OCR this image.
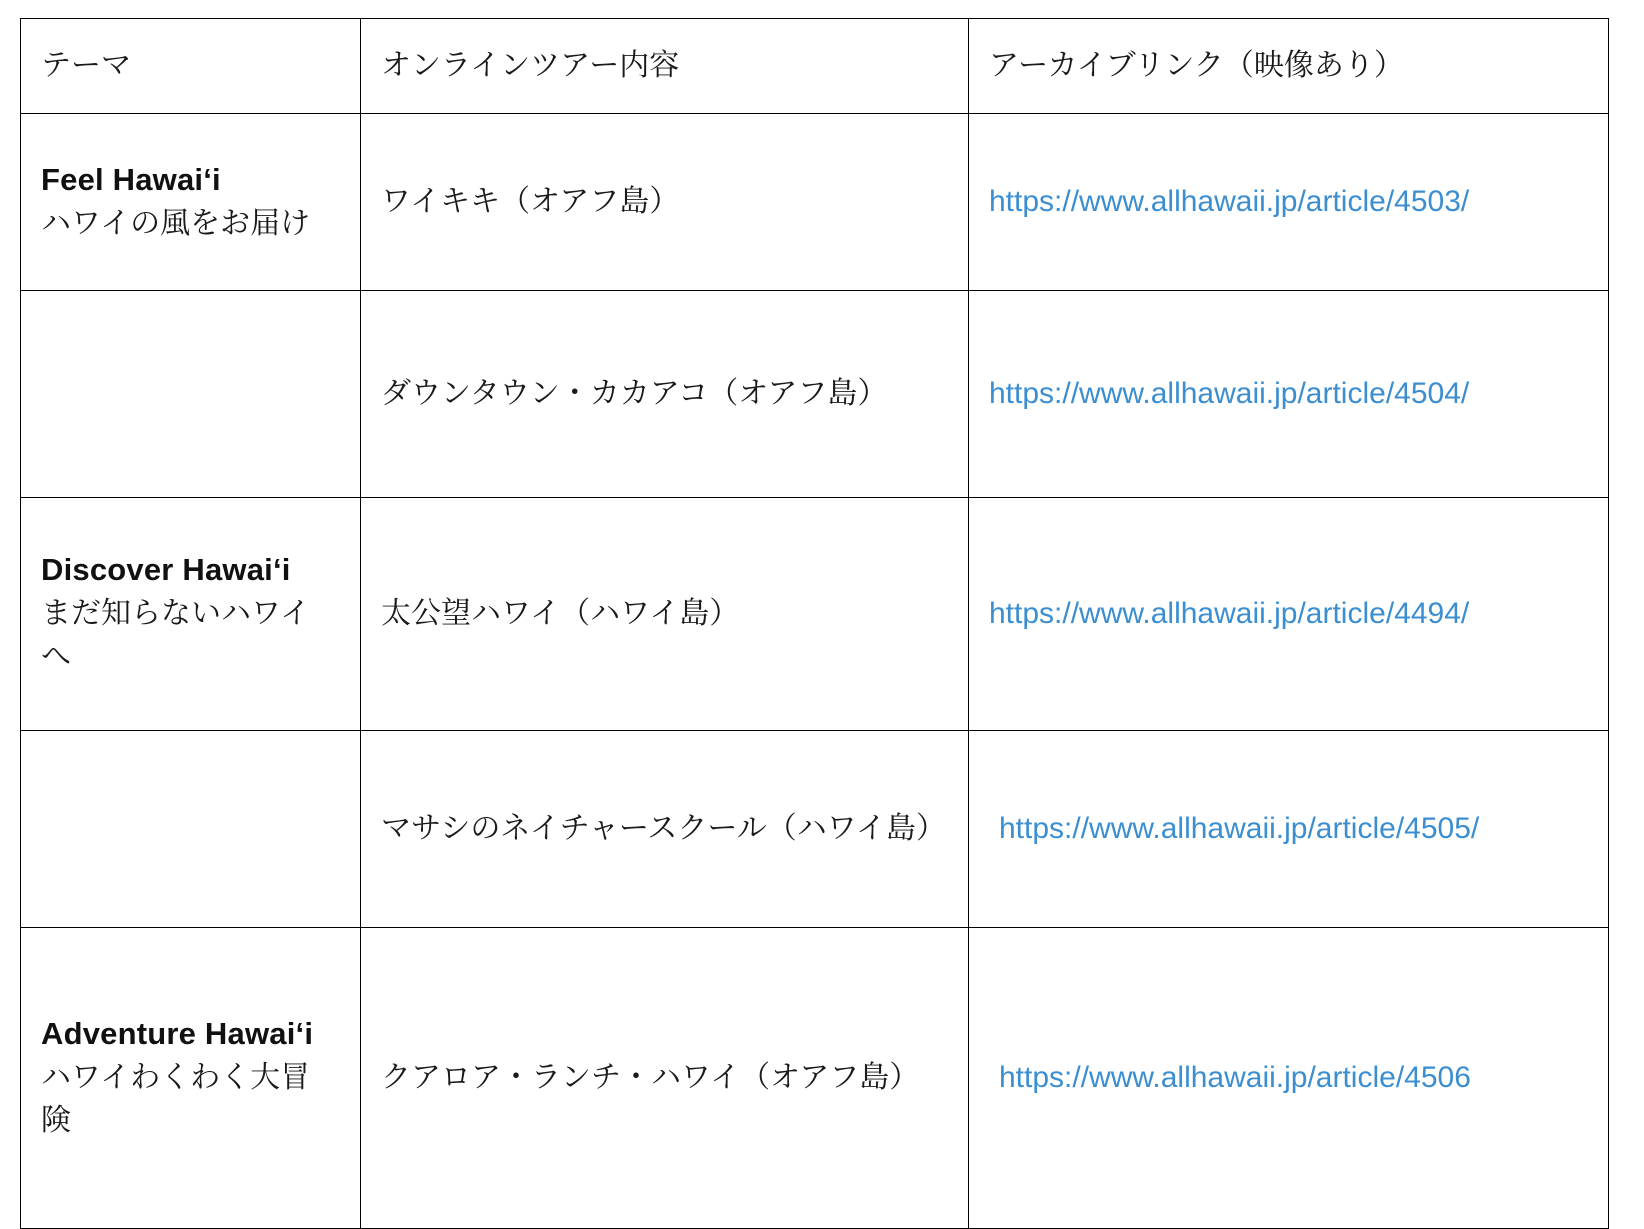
テーマ	オンラインツアー内容	アーカイブリンク（映像あり）

Feel Hawai‘i
ハワイの風をお届け	ワイキキ（オアフ島）	https://www.allhawaii.jp/article/4503/
	ダウンタウン・カカアコ（オアフ島）	https://www.allhawaii.jp/article/4504/

Discover Hawai‘i
まだ知らないハワイへ	太公望ハワイ（ハワイ島）	https://www.allhawaii.jp/article/4494/
	マサシのネイチャースクール（ハワイ島）	https://www.allhawaii.jp/article/4505/

Adventure Hawai‘i
ハワイわくわく大冒険	クアロア・ランチ・ハワイ（オアフ島）	https://www.allhawaii.jp/article/4506
